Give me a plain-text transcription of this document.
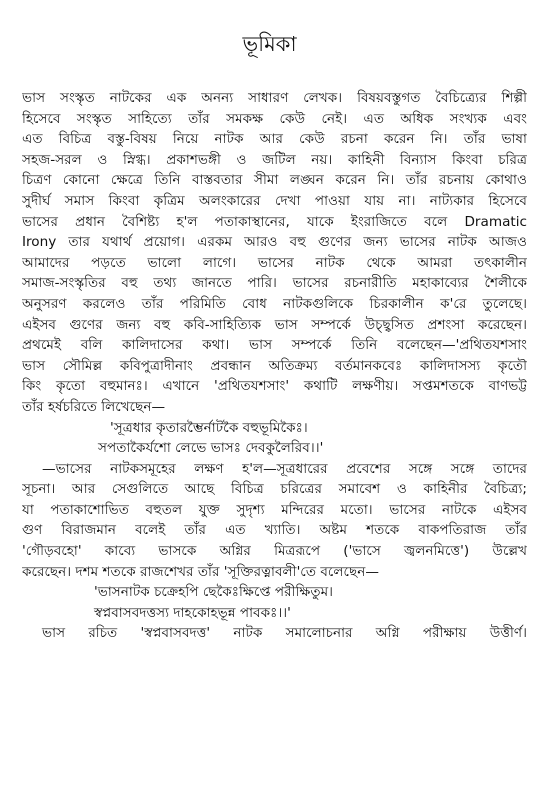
ভূমিকা
ভাস সংস্কৃত নাটকের এক অনন্য সাধারণ লেখক। বিষয়বস্তুগত বৈচিত্র্যের শিল্পী
হিসেবে সংস্কৃত সাহিত্যে তাঁর সমকক্ষ কেউ নেই। এত অধিক সংখ্যক এবং
এত বিচিত্র বস্তু-বিষয় নিয়ে নাটক আর কেউ রচনা করেন নি। তাঁর ভাষা
সহজ-সরল ও স্নিগ্ধ। প্রকাশভঙ্গী ও জটিল নয়। কাহিনী বিন্যাস কিংবা চরিত্র
চিত্রণ কোনো ক্ষেত্রে তিনি বাস্তবতার সীমা লঙ্ঘন করেন নি। তাঁর রচনায় কোথাও
সুদীর্ঘ সমাস কিংবা কৃত্রিম অলংকারের দেখা পাওয়া যায় না। নাট্যকার হিসেবে
ভাসের প্রধান বৈশিষ্ট্য হ'ল পতাকাস্থানের, যাকে ইংরাজিতে বলে Dramatic
Irony তার যথার্থ প্রয়োগ। এরকম আরও বহু গুণের জন্য ভাসের নাটক আজও
আমাদের পড়তে ভালো লাগে। ভাসের নাটক থেকে আমরা তৎকালীন
সমাজ-সংস্কৃতির বহু তথ্য জানতে পারি। ভাসের রচনারীতি মহাকাব্যের শৈলীকে
অনুসরণ করলেও তাঁর পরিমিতি বোধ নাটকগুলিকে চিরকালীন ক'রে তুলেছে।
এইসব গুণের জন্য বহু কবি-সাহিত্যিক ভাস সম্পর্কে উচ্ছ্বসিত প্রশংসা করেছেন।
প্রথমেই বলি কালিদাসের কথা। ভাস সম্পর্কে তিনি বলেছেন—'প্রথিতযশসাং
ভাস সৌমিল্ল কবিপুত্রাদীনাং প্রবন্ধান অতিক্রম্য বর্তমানকবেঃ কালিদাসস্য কৃতৌ
কিং কৃতো বহুমানঃ। এখানে 'প্রথিতযশসাং' কথাটি লক্ষণীয়। সপ্তমশতকে বাণভট্ট
তাঁর হর্ষচরিতে লিখেছেন—
'সূত্রধার কৃতারম্ভৈর্নাটকৈ বহুভূমিকৈঃ।
সপতাকৈর্যশো লেভে ভাসঃ দেবকুলৈরিব।।'
—ভাসের নাটকসমূহের লক্ষণ হ'ল—সূত্রধারের প্রবেশের সঙ্গে সঙ্গে তাদের
সূচনা। আর সেগুলিতে আছে বিচিত্র চরিত্রের সমাবেশ ও কাহিনীর বৈচিত্র্য;
যা পতাকাশোভিত বহুতল যুক্ত সুদৃশ্য মন্দিরের মতো। ভাসের নাটকে এইসব
গুণ বিরাজমান বলেই তাঁর এত খ্যাতি। অষ্টম শতকে বাকপতিরাজ তাঁর
'গৌড়বহো' কাব্যে ভাসকে অগ্নির মিত্ররূপে ('ভাসে জ্বলনমিত্তে') উল্লেখ
করেছেন। দশম শতকে রাজশেখর তাঁর 'সূক্তিরত্নাবলী'তে বলেছেন—
'ভাসনাটক চক্রেহপি ছেকৈঃক্ষিপ্তে পরীক্ষিতুম।
স্বপ্নবাসবদত্তস্য দাহকোহভূন্ন পাবকঃ।।'
ভাস রচিত 'স্বপ্নবাসবদত্ত' নাটক সমালোচনার অগ্নি পরীক্ষায় উত্তীর্ণ।
